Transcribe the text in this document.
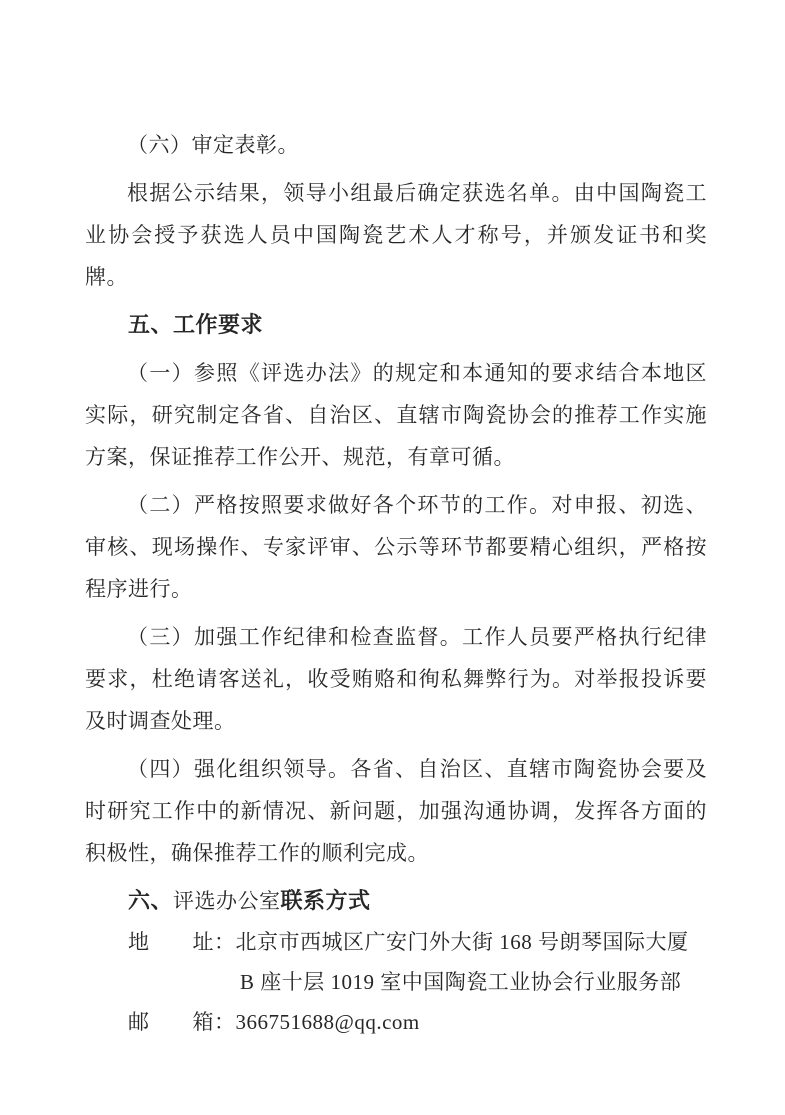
（六）审定表彰。

根据公示结果，领导小组最后确定获选名单。由中国陶瓷工业协会授予获选人员中国陶瓷艺术人才称号，并颁发证书和奖牌。

五、工作要求

（一）参照《评选办法》的规定和本通知的要求结合本地区实际，研究制定各省、自治区、直辖市陶瓷协会的推荐工作实施方案，保证推荐工作公开、规范，有章可循。

（二）严格按照要求做好各个环节的工作。对申报、初选、审核、现场操作、专家评审、公示等环节都要精心组织，严格按程序进行。

（三）加强工作纪律和检查监督。工作人员要严格执行纪律要求，杜绝请客送礼，收受贿赂和徇私舞弊行为。对举报投诉要及时调查处理。

（四）强化组织领导。各省、自治区、直辖市陶瓷协会要及时研究工作中的新情况、新问题，加强沟通协调，发挥各方面的积极性，确保推荐工作的顺利完成。

六、评选办公室联系方式
地　　址：北京市西城区广安门外大街 168 号朗琴国际大厦
B 座十层 1019 室中国陶瓷工业协会行业服务部
邮　　箱：366751688@qq.com
